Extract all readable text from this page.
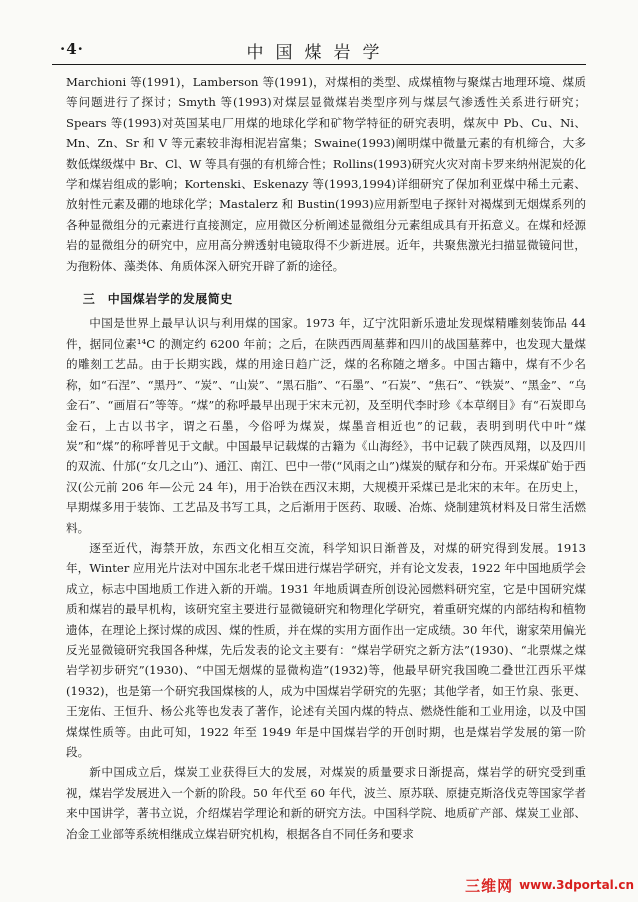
·4·	中国煤岩学

Marchioni 等(1991)，Lamberson 等(1991)，对煤相的类型、成煤植物与聚煤古地理环境、煤质等问题进行了探讨；Smyth 等(1993)对煤层显微煤岩类型序列与煤层气渗透性关系进行研究；Spears 等(1993)对英国某电厂用煤的地球化学和矿物学特征的研究表明，煤灰中 Pb、Cu、Ni、Mn、Zn、Sr 和 V 等元素较非海相泥岩富集；Swaine(1993)阐明煤中微量元素的有机缔合，大多数低煤级煤中 Br、Cl、W 等具有强的有机缔合性；Rollins(1993)研究火灾对南卡罗来纳州泥炭的化学和煤岩组成的影响；Kortenski、Eskenazy 等(1993,1994)详细研究了保加利亚煤中稀土元素、放射性元素及硼的地球化学；Mastalerz 和 Bustin(1993)应用新型电子探针对褐煤到无烟煤系列的各种显微组分的元素进行直接测定，应用微区分析阐述显微组分元素组成具有开拓意义。在煤和烃源岩的显微组分的研究中，应用高分辨透射电镜取得不少新进展。近年，共聚焦激光扫描显微镜问世，为孢粉体、藻类体、角质体深入研究开辟了新的途径。

三　中国煤岩学的发展简史

中国是世界上最早认识与利用煤的国家。1973 年，辽宁沈阳新乐遗址发现煤精雕刻装饰品 44 件，据同位素¹⁴C 的测定约 6200 年前；之后，在陕西西周墓葬和四川的战国墓葬中，也发现大量煤的雕刻工艺品。由于长期实践，煤的用途日趋广泛，煤的名称随之增多。中国古籍中，煤有不少名称，如“石涅”、“黑丹”、“炭”、“山炭”、“黑石脂”、“石墨”、“石炭”、“焦石”、“铁炭”、“黑金”、“乌金石”、“画眉石”等等。“煤”的称呼最早出现于宋末元初，及至明代李时珍《本草纲目》有“石炭即乌金石，上古以书字，谓之石墨，今俗呼为煤炭，煤墨音相近也”的记载，表明到明代中叶“煤炭”和“煤”的称呼普见于文献。中国最早记载煤的古籍为《山海经》，书中记载了陕西凤翔，以及四川的双流、什邡(“女几之山”)、通江、南江、巴中一带(“风雨之山”)煤炭的赋存和分布。开采煤矿始于西汉(公元前 206 年—公元 24 年)，用于冶铁在西汉末期，大规模开采煤已是北宋的末年。在历史上，早期煤多用于装饰、工艺品及书写工具，之后渐用于医药、取暖、冶炼、烧制建筑材料及日常生活燃料。

逐至近代，海禁开放，东西文化相互交流，科学知识日渐普及，对煤的研究得到发展。1913 年，Winter 应用光片法对中国东北老千煤田进行煤岩学研究，并有论文发表，1922 年中国地质学会成立，标志中国地质工作进入新的开端。1931 年地质调查所创设沁园燃料研究室，它是中国研究煤质和煤岩的最早机构，该研究室主要进行显微镜研究和物理化学研究，着重研究煤的内部结构和植物遗体，在理论上探讨煤的成因、煤的性质，并在煤的实用方面作出一定成绩。30 年代，谢家荣用偏光反光显微镜研究我国各种煤，先后发表的论文主要有：“煤岩学研究之新方法”(1930)、“北票煤之煤岩学初步研究”(1930)、“中国无烟煤的显微构造”(1932)等，他最早研究我国晚二叠世江西乐平煤(1932)，也是第一个研究我国煤核的人，成为中国煤岩学研究的先驱；其他学者，如王竹泉、张更、王宠佑、王恒升、杨公兆等也发表了著作，论述有关国内煤的特点、燃烧性能和工业用途，以及中国煤煤性质等。由此可知，1922 年至 1949 年是中国煤岩学的开创时期，也是煤岩学发展的第一阶段。

新中国成立后，煤炭工业获得巨大的发展，对煤炭的质量要求日渐提高，煤岩学的研究受到重视，煤岩学发展进入一个新的阶段。50 年代至 60 年代，波兰、原苏联、原捷克斯洛伐克等国家学者来中国讲学，著书立说，介绍煤岩学理论和新的研究方法。中国科学院、地质矿产部、煤炭工业部、冶金工业部等系统相继成立煤岩研究机构，根据各自不同任务和要求

三维网 www.3dportal.cn
